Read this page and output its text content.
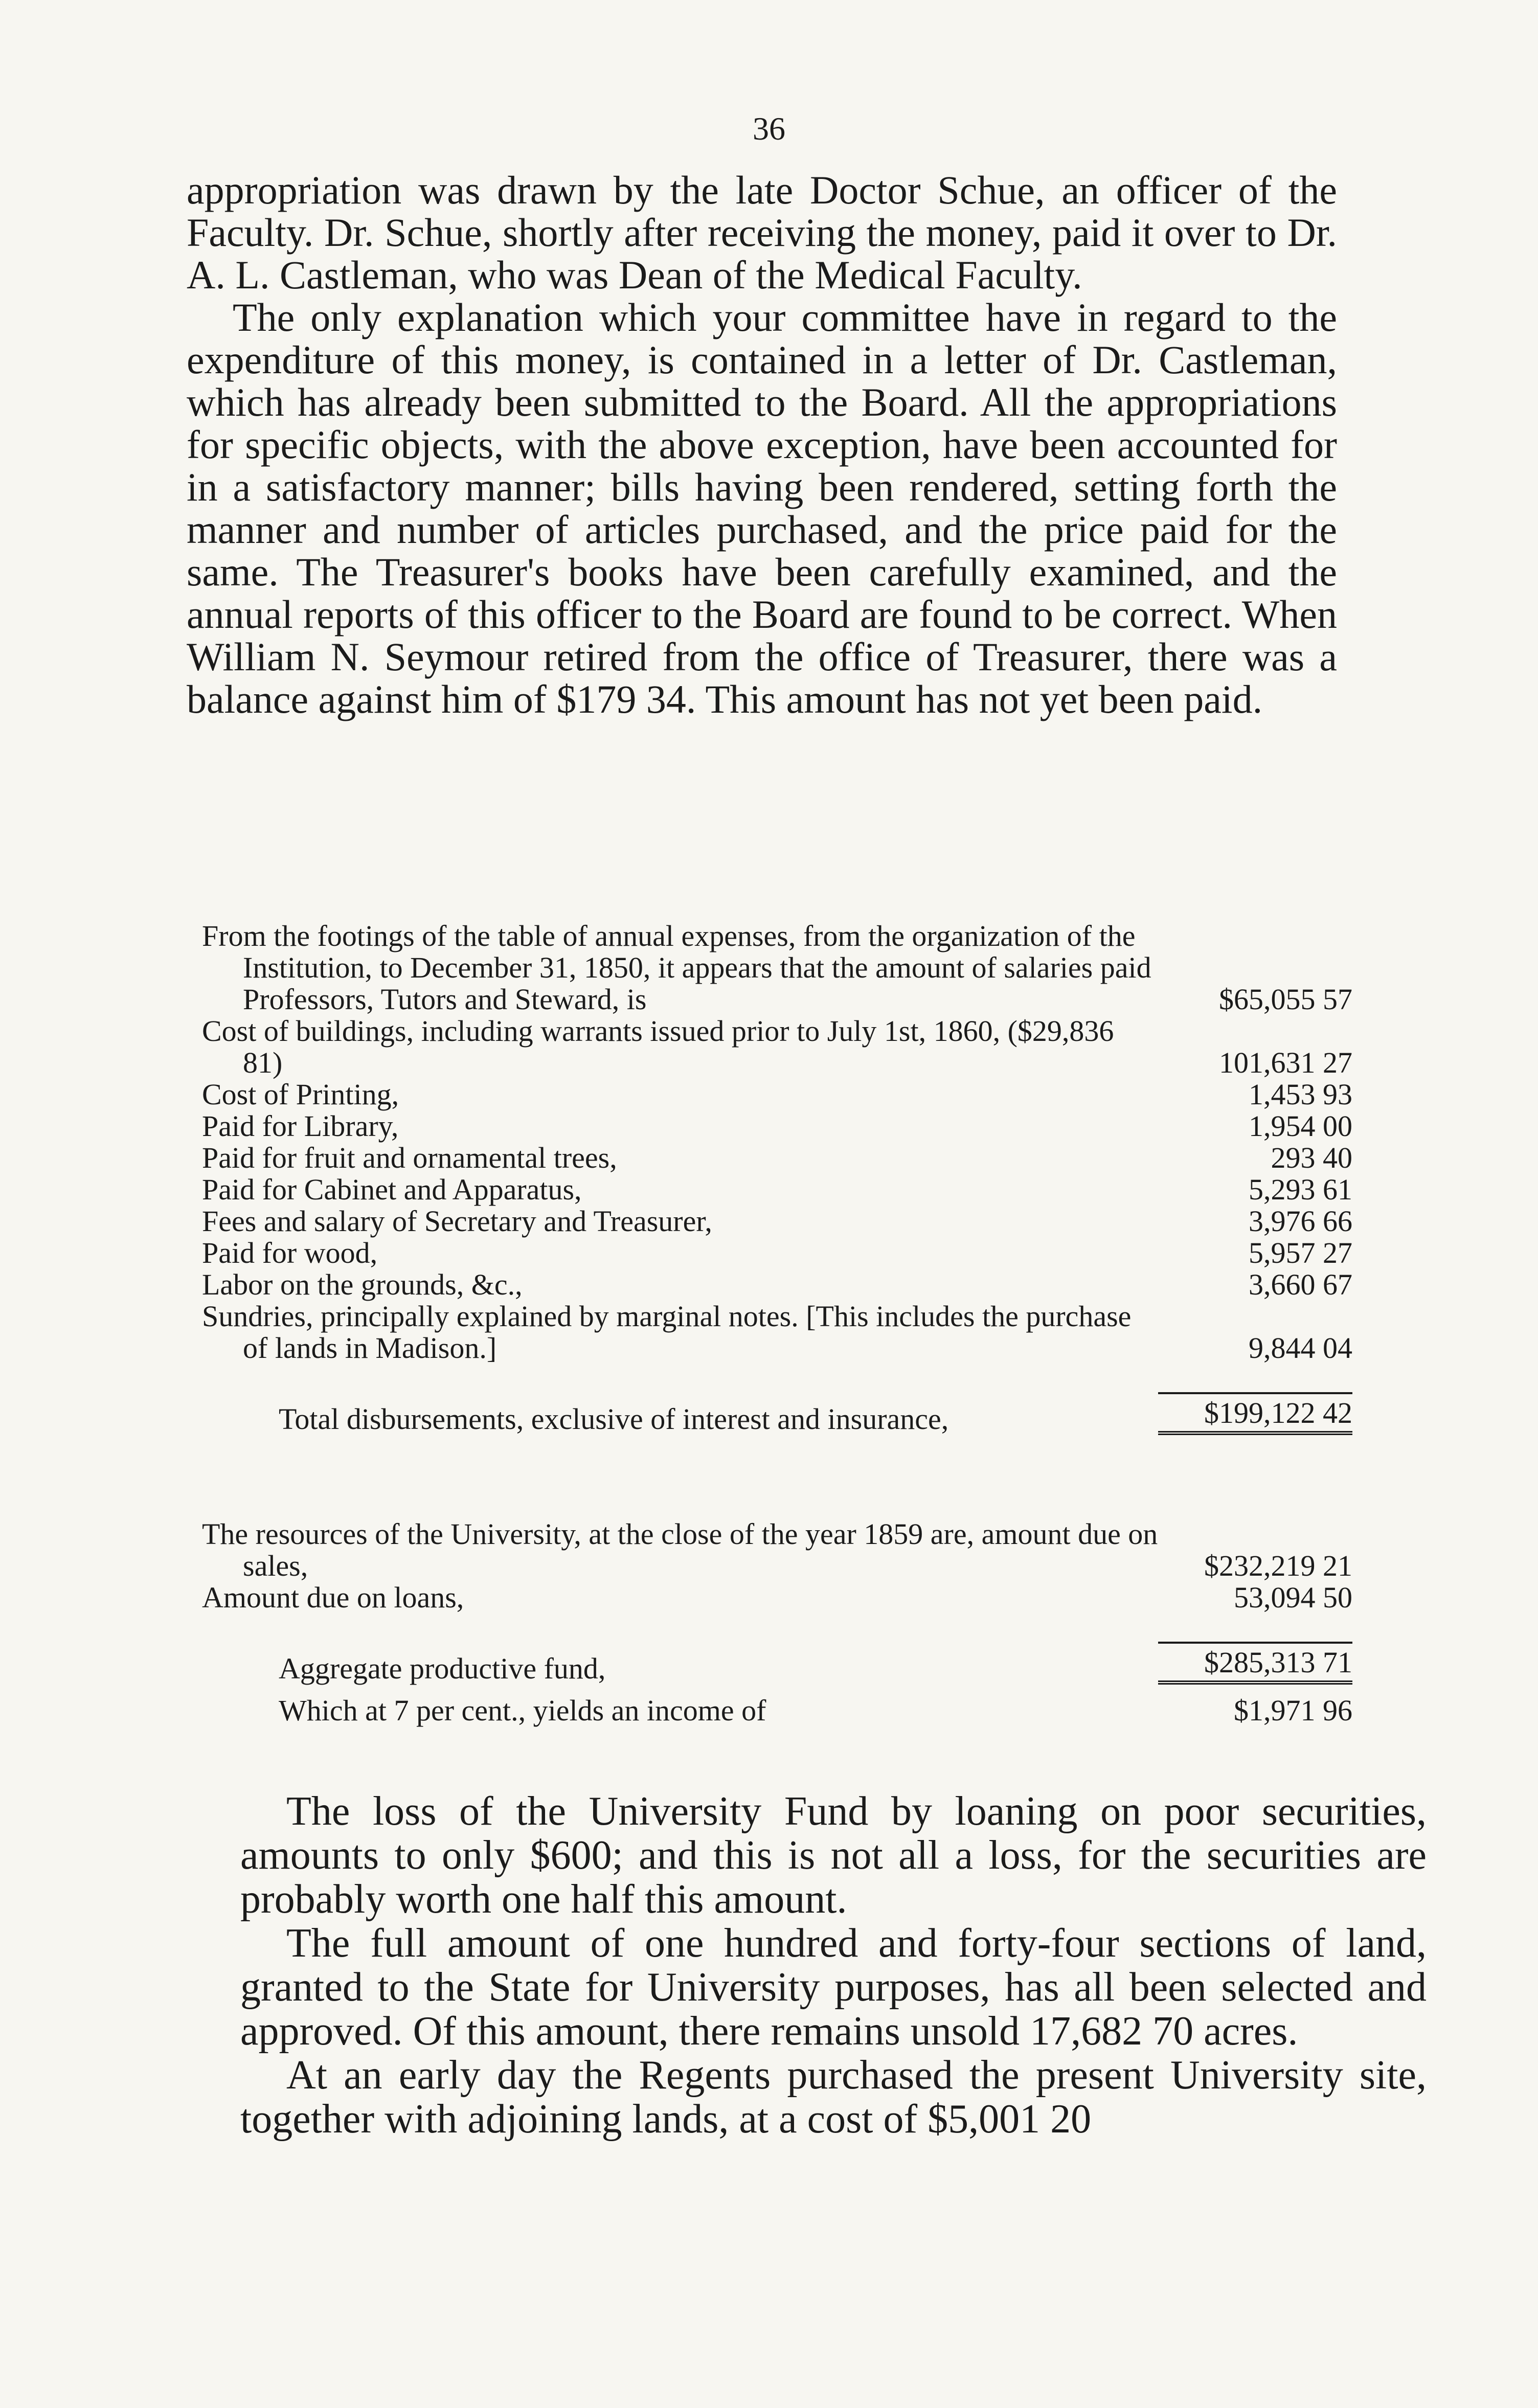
36

appropriation was drawn by the late Doctor Schue, an officer of the Faculty. Dr. Schue, shortly after receiving the money, paid it over to Dr. A. L. Castleman, who was Dean of the Medical Faculty.

The only explanation which your committee have in regard to the expenditure of this money, is contained in a letter of Dr. Castleman, which has already been submitted to the Board. All the appropriations for specific objects, with the above exception, have been accounted for in a satisfactory manner; bills having been rendered, setting forth the manner and number of articles purchased, and the price paid for the same. The Treasurer's books have been carefully examined, and the annual reports of this officer to the Board are found to be correct. When William N. Seymour retired from the office of Treasurer, there was a balance against him of $179 34. This amount has not yet been paid.

From the footings of the table of annual expenses, from the organization of the Institution, to December 31, 1850, it appears that the amount of salaries paid Professors, Tutors and Steward, is	$65,055 57
Cost of buildings, including warrants issued prior to July 1st, 1860, ($29,836 81)	101,631 27
Cost of Printing,	1,453 93
Paid for Library,	1,954 00
Paid for fruit and ornamental trees,	293 40
Paid for Cabinet and Apparatus,	5,293 61
Fees and salary of Secretary and Treasurer,	3,976 66
Paid for wood,	5,957 27
Labor on the grounds, &c.,	3,660 67
Sundries, principally explained by marginal notes. [This includes the purchase of lands in Madison.]	9,844 04
Total disbursements, exclusive of interest and insurance,	$199,122 42
The resources of the University, at the close of the year 1859 are, amount due on sales,	$232,219 21
Amount due on loans,	53,094 50
Aggregate productive fund,	$285,313 71
Which at 7 per cent., yields an income of	$1,971 96

The loss of the University Fund by loaning on poor securities, amounts to only $600; and this is not all a loss, for the securities are probably worth one half this amount.

The full amount of one hundred and forty-four sections of land, granted to the State for University purposes, has all been selected and approved. Of this amount, there remains unsold 17,682 70 acres.

At an early day the Regents purchased the present University site, together with adjoining lands, at a cost of $5,001 20
